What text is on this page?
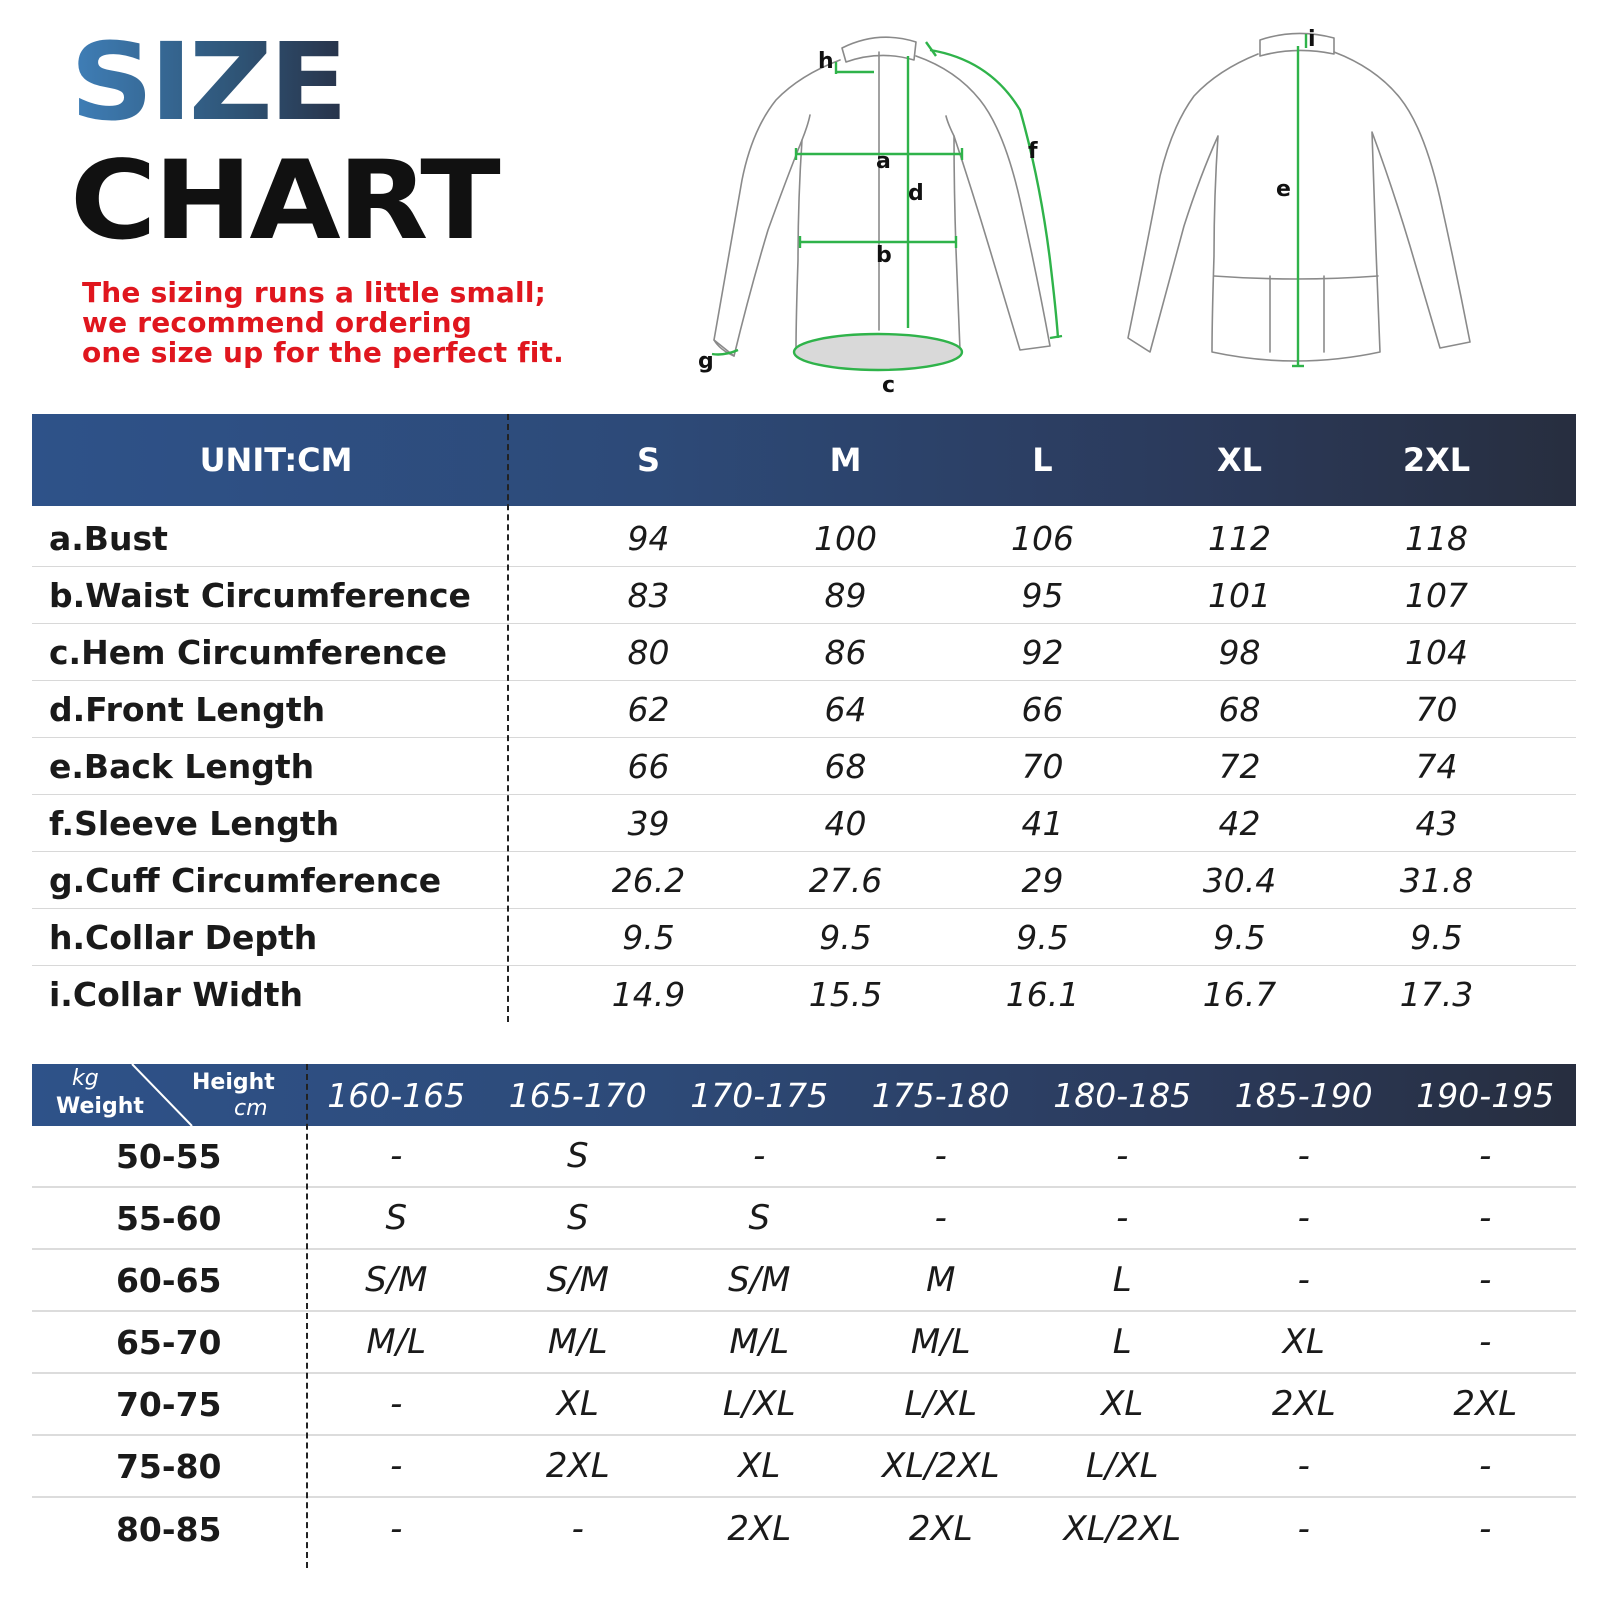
SIZE
CHART
The sizing runs a little small;
we recommend ordering
one size up for the perfect fit.
h
a
d
b
c
f
g
i
e
UNIT:CM	S	M	L	XL	2XL
a.Bust	94	100	106	112	118
b.Waist Circumference	83	89	95	101	107
c.Hem Circumference	80	86	92	98	104
d.Front Length	62	64	66	68	70
e.Back Length	66	68	70	72	74
f.Sleeve Length	39	40	41	42	43
g.Cuff Circumference	26.2	27.6	29	30.4	31.8
h.Collar Depth	9.5	9.5	9.5	9.5	9.5
i.Collar Width	14.9	15.5	16.1	16.7	17.3
kg
Weight
Height
cm	160-165	165-170	170-175	175-180	180-185	185-190	190-195
50-55	-	S	-	-	-	-	-
55-60	S	S	S	-	-	-	-
60-65	S/M	S/M	S/M	M	L	-	-
65-70	M/L	M/L	M/L	M/L	L	XL	-
70-75	-	XL	L/XL	L/XL	XL	2XL	2XL
75-80	-	2XL	XL	XL/2XL	L/XL	-	-
80-85	-	-	2XL	2XL	XL/2XL	-	-
